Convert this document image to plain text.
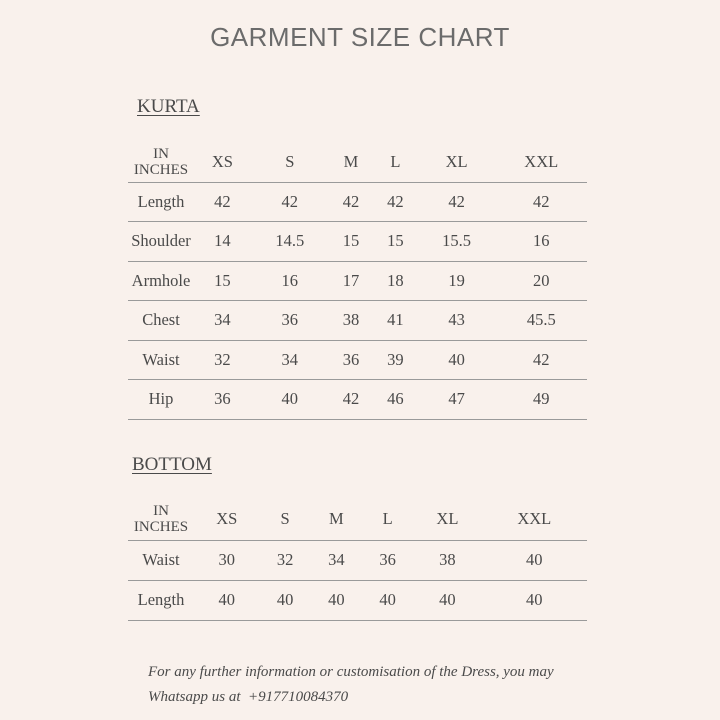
GARMENT SIZE CHART
KURTA
IN
INCHES	XS	S	M	L	XL	XXL
Length	42	42	42	42	42	42
Shoulder	14	14.5	15	15	15.5	16
Armhole	15	16	17	18	19	20
Chest	34	36	38	41	43	45.5
Waist	32	34	36	39	40	42
Hip	36	40	42	46	47	49
BOTTOM
IN
INCHES	XS	S	M	L	XL	XXL
Waist	30	32	34	36	38	40
Length	40	40	40	40	40	40
For any further information or customisation of the Dress, you may
Whatsapp us at  +917710084370
